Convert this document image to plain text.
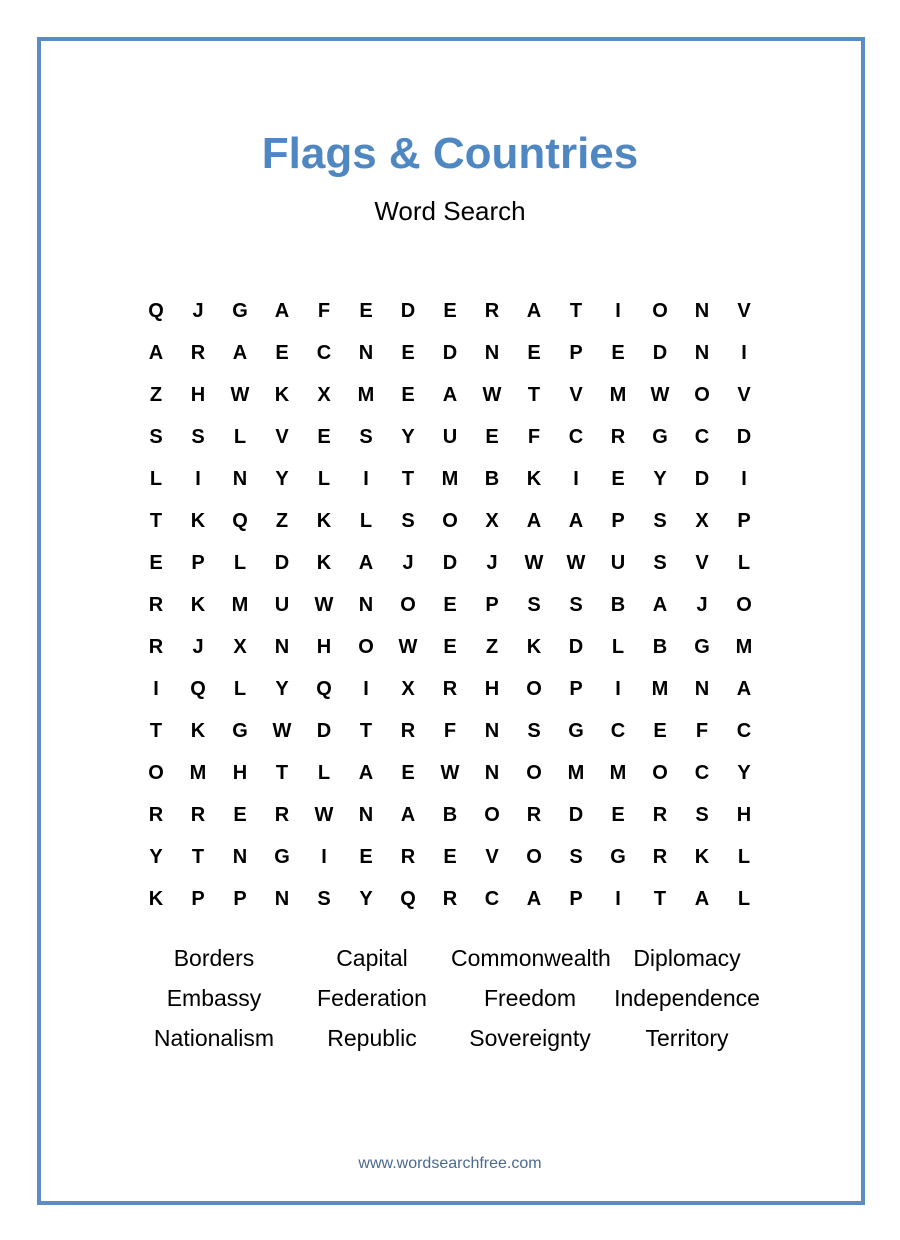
Flags & Countries
Word Search
Q	J	G	A	F	E	D	E	R	A	T	I	O	N	V
A	R	A	E	C	N	E	D	N	E	P	E	D	N	I
Z	H	W	K	X	M	E	A	W	T	V	M	W	O	V
S	S	L	V	E	S	Y	U	E	F	C	R	G	C	D
L	I	N	Y	L	I	T	M	B	K	I	E	Y	D	I
T	K	Q	Z	K	L	S	O	X	A	A	P	S	X	P
E	P	L	D	K	A	J	D	J	W	W	U	S	V	L
R	K	M	U	W	N	O	E	P	S	S	B	A	J	O
R	J	X	N	H	O	W	E	Z	K	D	L	B	G	M
I	Q	L	Y	Q	I	X	R	H	O	P	I	M	N	A
T	K	G	W	D	T	R	F	N	S	G	C	E	F	C
O	M	H	T	L	A	E	W	N	O	M	M	O	C	Y
R	R	E	R	W	N	A	B	O	R	D	E	R	S	H
Y	T	N	G	I	E	R	E	V	O	S	G	R	K	L
K	P	P	N	S	Y	Q	R	C	A	P	I	T	A	L
Borders	Capital	Commonwealth Diplomacy
Embassy	Federation	Freedom	Independence
Nationalism	Republic	Sovereignty	Territory
www.wordsearchfree.com
